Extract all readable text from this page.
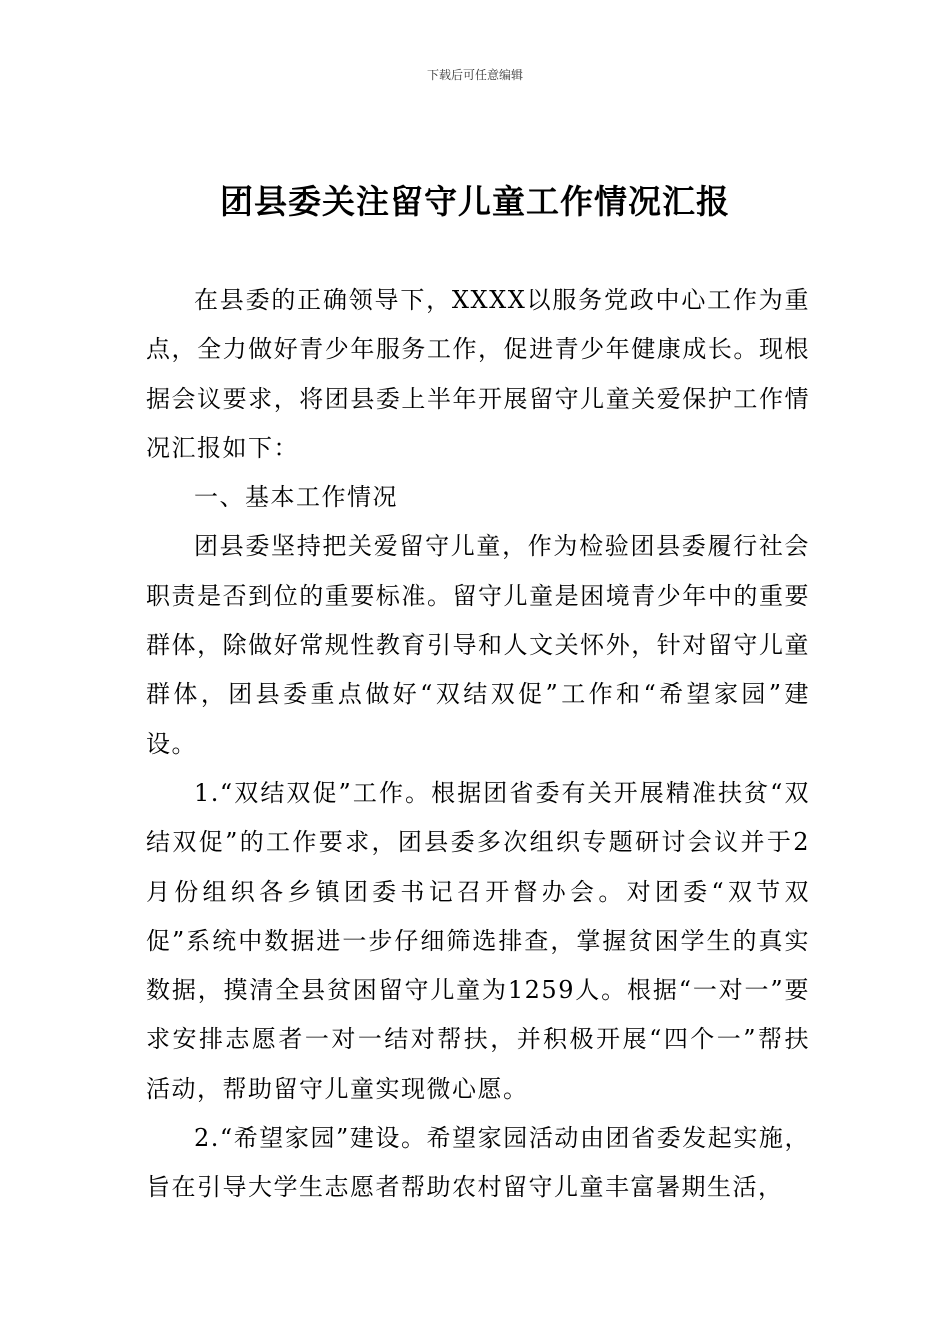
下载后可任意编辑
团县委关注留守儿童工作情况汇报

在县委的正确领导下，XXXX以服务党政中心工作为重点，全力做好青少年服务工作，促进青少年健康成长。现根据会议要求，将团县委上半年开展留守儿童关爱保护工作情况汇报如下：

一、基本工作情况

团县委坚持把关爱留守儿童，作为检验团县委履行社会职责是否到位的重要标准。留守儿童是困境青少年中的重要群体，除做好常规性教育引导和人文关怀外，针对留守儿童群体，团县委重点做好“双结双促”工作和“希望家园”建设。

1.“双结双促”工作。根据团省委有关开展精准扶贫“双结双促”的工作要求，团县委多次组织专题研讨会议并于2月份组织各乡镇团委书记召开督办会。对团委“双节双促”系统中数据进一步仔细筛选排查，掌握贫困学生的真实数据，摸清全县贫困留守儿童为1259人。根据“一对一”要求安排志愿者一对一结对帮扶，并积极开展“四个一”帮扶活动，帮助留守儿童实现微心愿。

2.“希望家园”建设。希望家园活动由团省委发起实施，旨在引导大学生志愿者帮助农村留守儿童丰富暑期生活，
